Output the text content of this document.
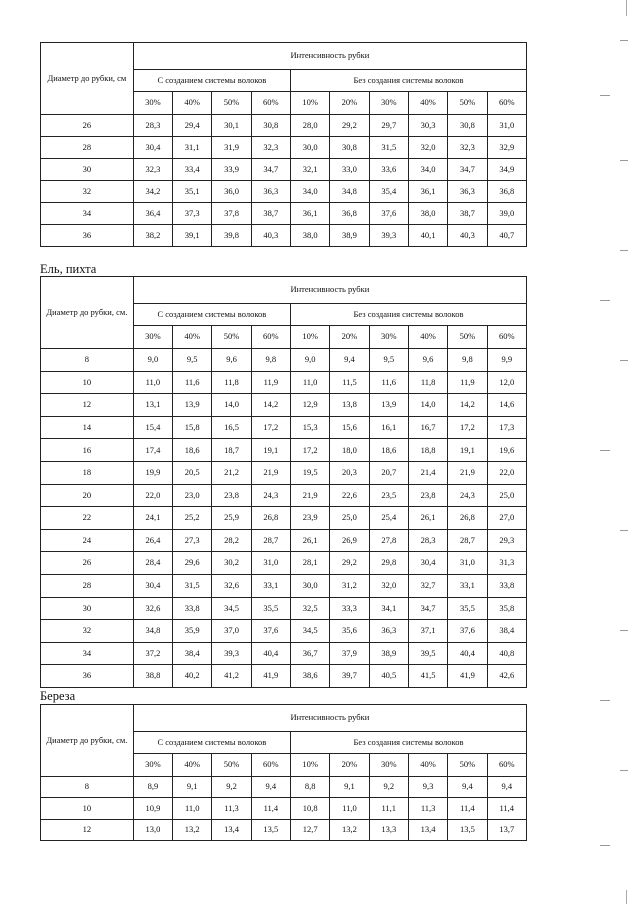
Диаметр до рубки, см	Интенсивность рубки									
	С созданием системы волоков				Без создания системы волоков					
	30%	40%	50%	60%	10%	20%	30%	40%	50%	60%
26	28,3	29,4	30,1	30,8	28,0	29,2	29,7	30,3	30,8	31,0
28	30,4	31,1	31,9	32,3	30,0	30,8	31,5	32,0	32,3	32,9
30	32,3	33,4	33,9	34,7	32,1	33,0	33,6	34,0	34,7	34,9
32	34,2	35,1	36,0	36,3	34,0	34,8	35,4	36,1	36,3	36,8
34	36,4	37,3	37,8	38,7	36,1	36,8	37,6	38,0	38,7	39,0
36	38,2	39,1	39,8	40,3	38,0	38,9	39,3	40,1	40,3	40,7
Ель, пихта
Диаметр до рубки, см.	Интенсивность рубки									
	С созданием системы волоков				Без создания системы волоков					
	30%	40%	50%	60%	10%	20%	30%	40%	50%	60%
8	9,0	9,5	9,6	9,8	9,0	9,4	9,5	9,6	9,8	9,9
10	11,0	11,6	11,8	11,9	11,0	11,5	11,6	11,8	11,9	12,0
12	13,1	13,9	14,0	14,2	12,9	13,8	13,9	14,0	14,2	14,6
14	15,4	15,8	16,5	17,2	15,3	15,6	16,1	16,7	17,2	17,3
16	17,4	18,6	18,7	19,1	17,2	18,0	18,6	18,8	19,1	19,6
18	19,9	20,5	21,2	21,9	19,5	20,3	20,7	21,4	21,9	22,0
20	22,0	23,0	23,8	24,3	21,9	22,6	23,5	23,8	24,3	25,0
22	24,1	25,2	25,9	26,8	23,9	25,0	25,4	26,1	26,8	27,0
24	26,4	27,3	28,2	28,7	26,1	26,9	27,8	28,3	28,7	29,3
26	28,4	29,6	30,2	31,0	28,1	29,2	29,8	30,4	31,0	31,3
28	30,4	31,5	32,6	33,1	30,0	31,2	32,0	32,7	33,1	33,8
30	32,6	33,8	34,5	35,5	32,5	33,3	34,1	34,7	35,5	35,8
32	34,8	35,9	37,0	37,6	34,5	35,6	36,3	37,1	37,6	38,4
34	37,2	38,4	39,3	40,4	36,7	37,9	38,9	39,5	40,4	40,8
36	38,8	40,2	41,2	41,9	38,6	39,7	40,5	41,5	41,9	42,6
Береза
Диаметр до рубки, см.	Интенсивность рубки									
	С созданием системы волоков				Без создания системы волоков					
	30%	40%	50%	60%	10%	20%	30%	40%	50%	60%
8	8,9	9,1	9,2	9,4	8,8	9,1	9,2	9,3	9,4	9,4
10	10,9	11,0	11,3	11,4	10,8	11,0	11,1	11,3	11,4	11,4
12	13,0	13,2	13,4	13,5	12,7	13,2	13,3	13,4	13,5	13,7
